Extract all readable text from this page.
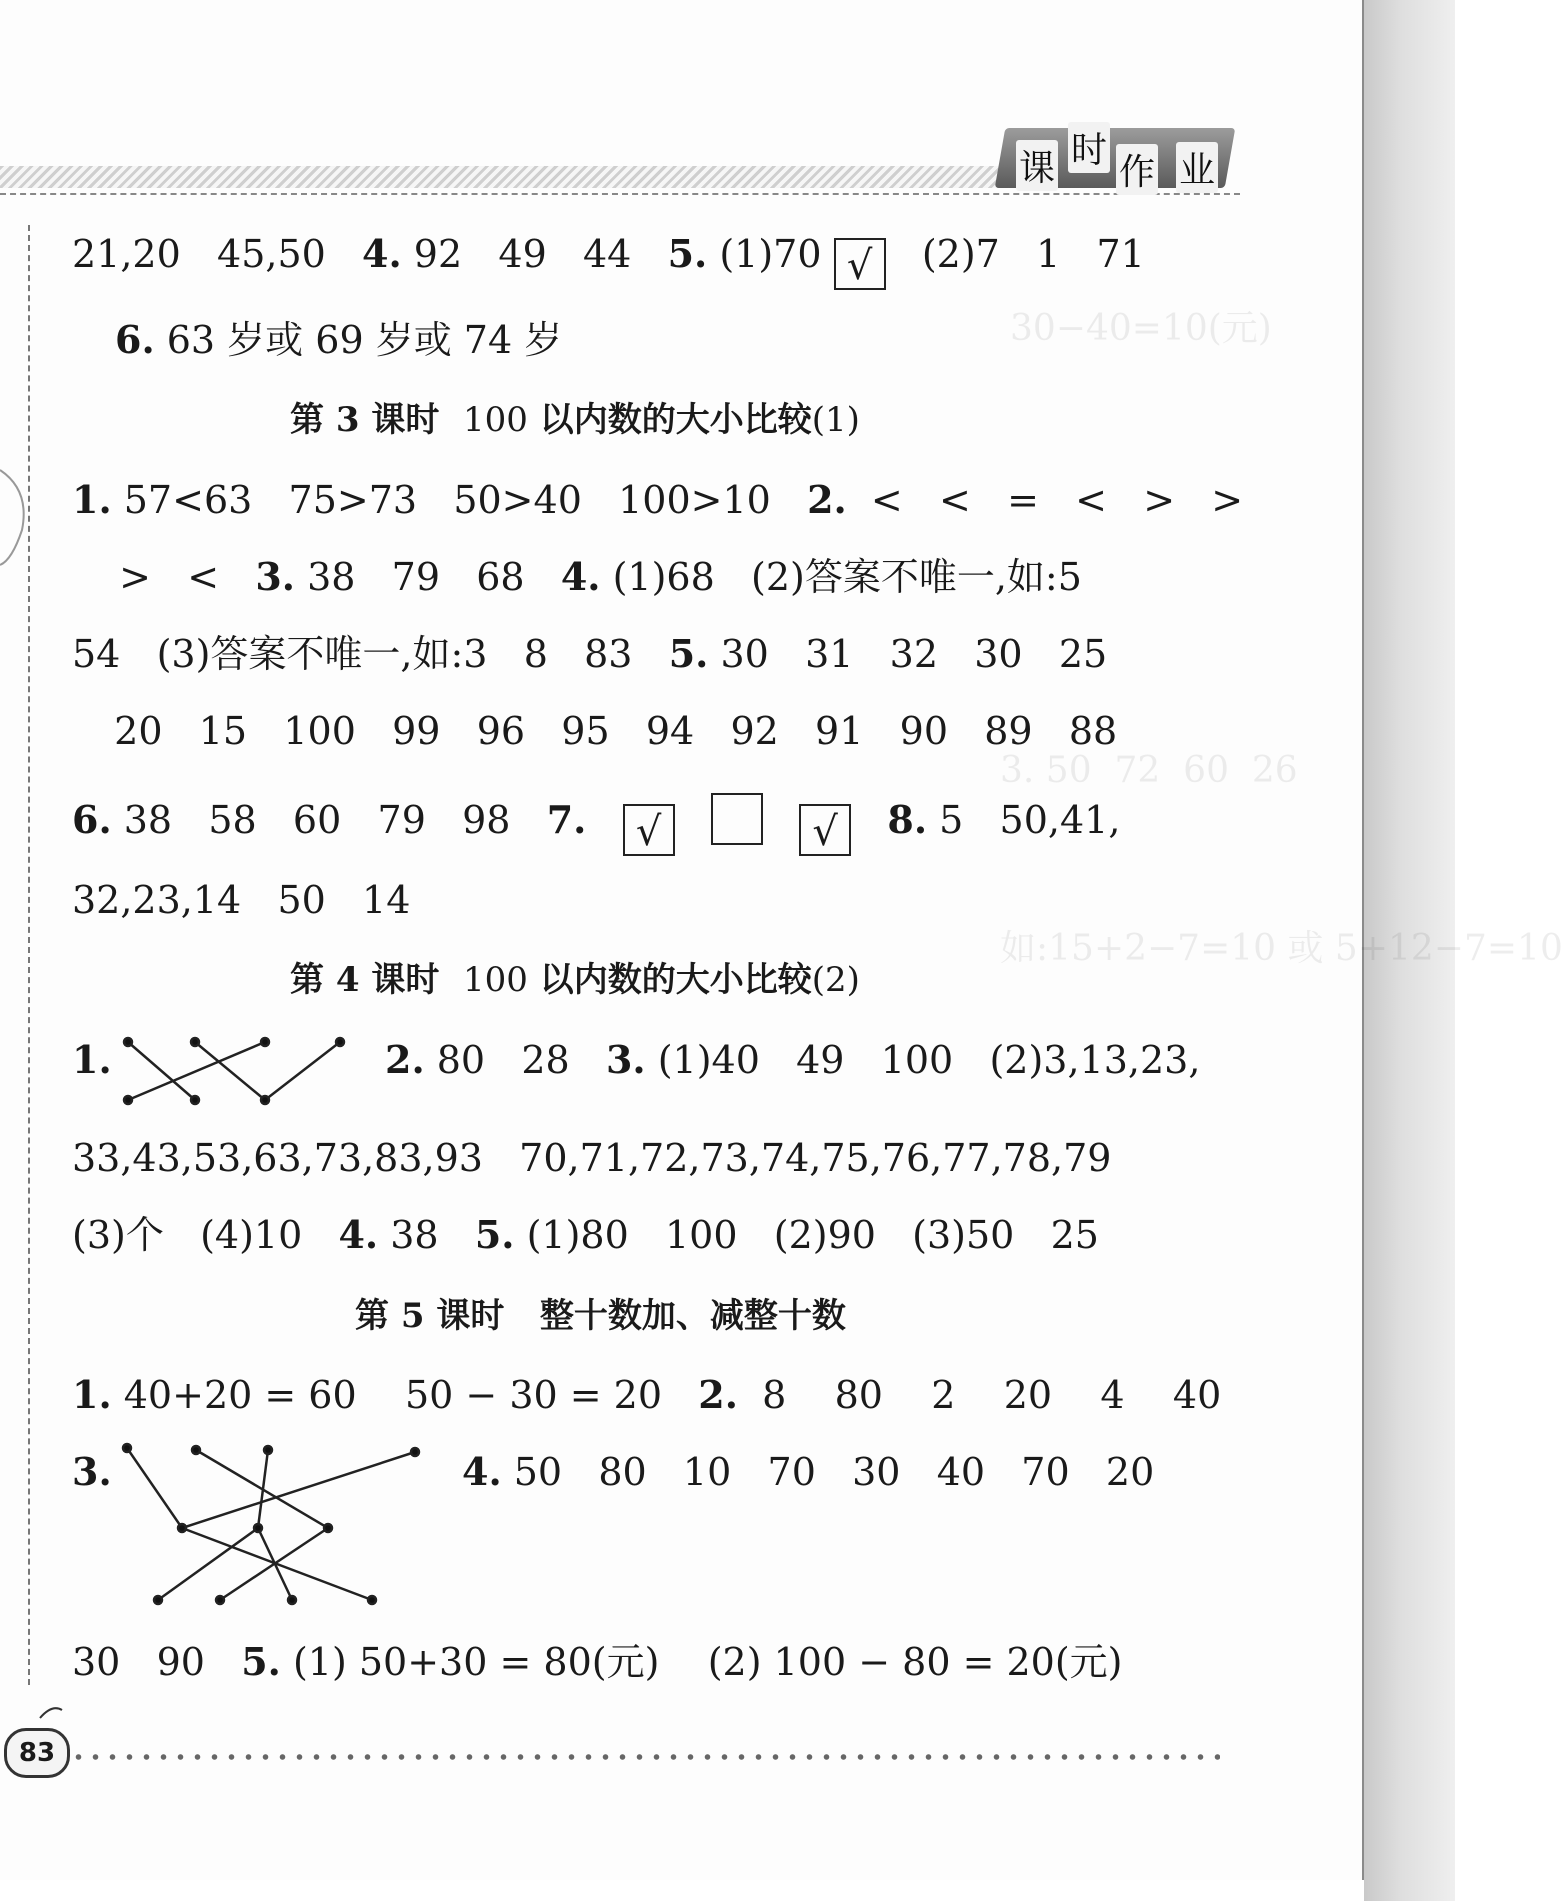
课 时
作 业
30−40=10(元)
3. 50  72  60  26
如:15+2−7=10 或 5+12−7=10
21,20   45,50   4. 92   49   44   5. (1)70 √   (2)7   1   71
6. 63 岁或 69 岁或 74 岁
第 3 课时  100 以内数的大小比较(1)
1. 57<63   75>73   50>40   100>10   2.  <   <   =   <   >   >
>   <   3. 38   79   68   4. (1)68   (2)答案不唯一,如:5
54   (3)答案不唯一,如:3   8   83   5. 30   31   32   30   25
20   15   100   99   96   95   94   92   91   90   89   88
6. 38   58   60   79   98   7. √	√ 8. 5   50,41,
32,23,14   50   14
第 4 课时  100 以内数的大小比较(2)
1.	2. 80   28   3. (1)40   49   100   (2)3,13,23,
33,43,53,63,73,83,93   70,71,72,73,74,75,76,77,78,79
(3)个   (4)10   4. 38   5. (1)80   100   (2)90   (3)50   25
第 5 课时   整十数加、减整十数
1. 40+20 = 60    50 − 30 = 20   2.  8    80    2    20    4    40
3.	4. 50   80   10   70   30   40   70   20
30   90   5. (1) 50+30 = 80(元)    (2) 100 − 80 = 20(元)
83
